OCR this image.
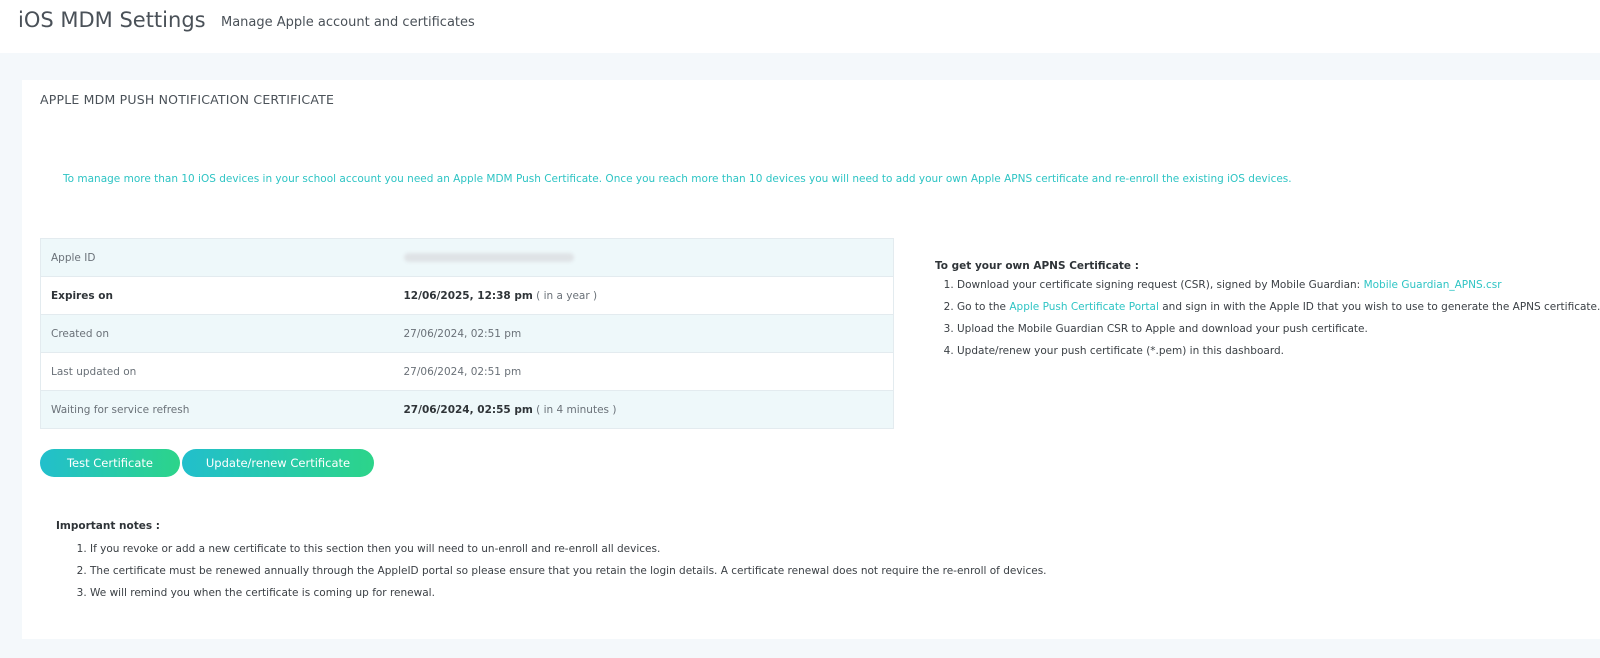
iOS MDM Settings Manage Apple account and certificates
APPLE MDM PUSH NOTIFICATION CERTIFICATE
To manage more than 10 iOS devices in your school account you need an Apple MDM Push Certificate. Once you reach more than 10 devices you will need to add your own Apple APNS certificate and re-enroll the existing iOS devices.
Apple ID	
Expires on	12/06/2025, 12:38 pm ( in a year )
Created on	27/06/2024, 02:51 pm
Last updated on	27/06/2024, 02:51 pm
Waiting for service refresh	27/06/2024, 02:55 pm ( in 4 minutes )
Test Certificate	Update/renew Certificate
Important notes :
1. If you revoke or add a new certificate to this section then you will need to un-enroll and re-enroll all devices.
2. The certificate must be renewed annually through the AppleID portal so please ensure that you retain the login details. A certificate renewal does not require the re-enroll of devices.
3. We will remind you when the certificate is coming up for renewal.
To get your own APNS Certificate :
1. Download your certificate signing request (CSR), signed by Mobile Guardian: Mobile Guardian_APNS.csr
2. Go to the Apple Push Certificate Portal and sign in with the Apple ID that you wish to use to generate the APNS certificate.
3. Upload the Mobile Guardian CSR to Apple and download your push certificate.
4. Update/renew your push certificate (*.pem) in this dashboard.
